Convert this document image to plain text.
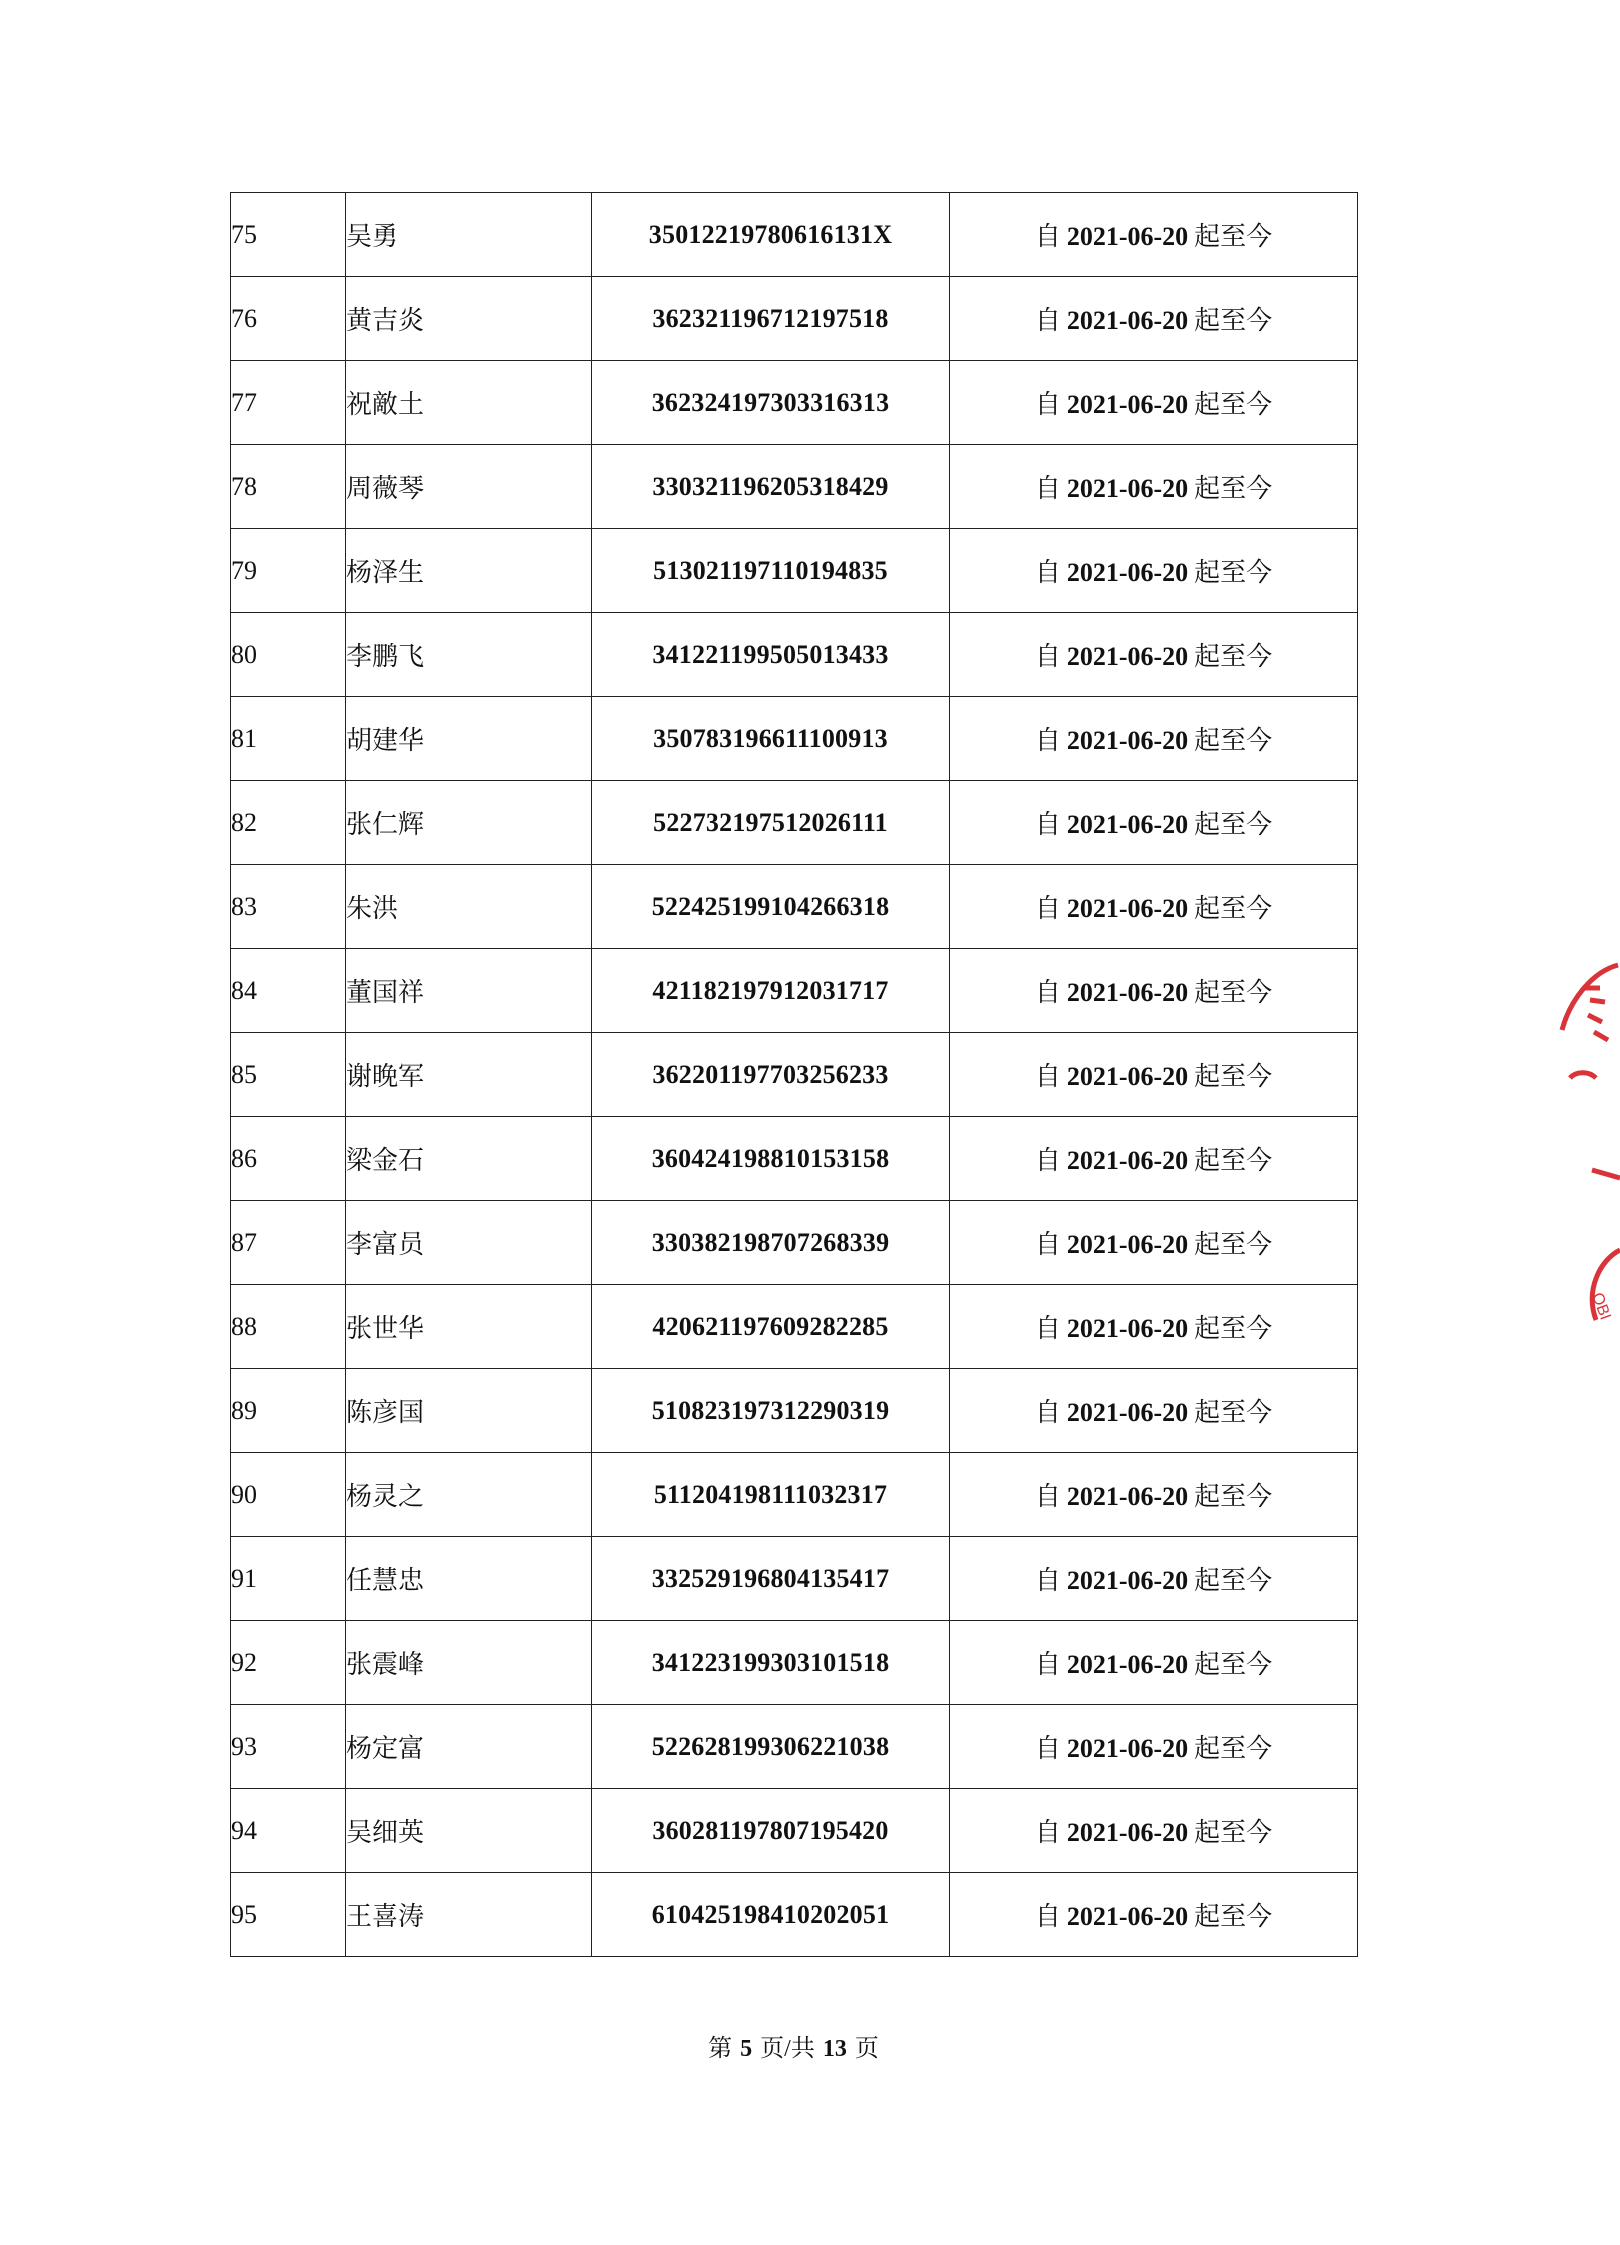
75	吴勇	35012219780616131X	自 2021-06-20 起至今
76	黄吉炎	362321196712197518	自 2021-06-20 起至今
77	祝敵土	362324197303316313	自 2021-06-20 起至今
78	周薇琴	330321196205318429	自 2021-06-20 起至今
79	杨泽生	513021197110194835	自 2021-06-20 起至今
80	李鹏飞	341221199505013433	自 2021-06-20 起至今
81	胡建华	350783196611100913	自 2021-06-20 起至今
82	张仁辉	522732197512026111	自 2021-06-20 起至今
83	朱洪	522425199104266318	自 2021-06-20 起至今
84	董国祥	421182197912031717	自 2021-06-20 起至今
85	谢晚军	362201197703256233	自 2021-06-20 起至今
86	梁金石	360424198810153158	自 2021-06-20 起至今
87	李富员	330382198707268339	自 2021-06-20 起至今
88	张世华	420621197609282285	自 2021-06-20 起至今
89	陈彦国	510823197312290319	自 2021-06-20 起至今
90	杨灵之	511204198111032317	自 2021-06-20 起至今
91	任慧忠	332529196804135417	自 2021-06-20 起至今
92	张震峰	341223199303101518	自 2021-06-20 起至今
93	杨定富	522628199306221038	自 2021-06-20 起至今
94	吴细英	360281197807195420	自 2021-06-20 起至今
95	王喜涛	610425198410202051	自 2021-06-20 起至今
OBI
第 5 页/共 13 页
